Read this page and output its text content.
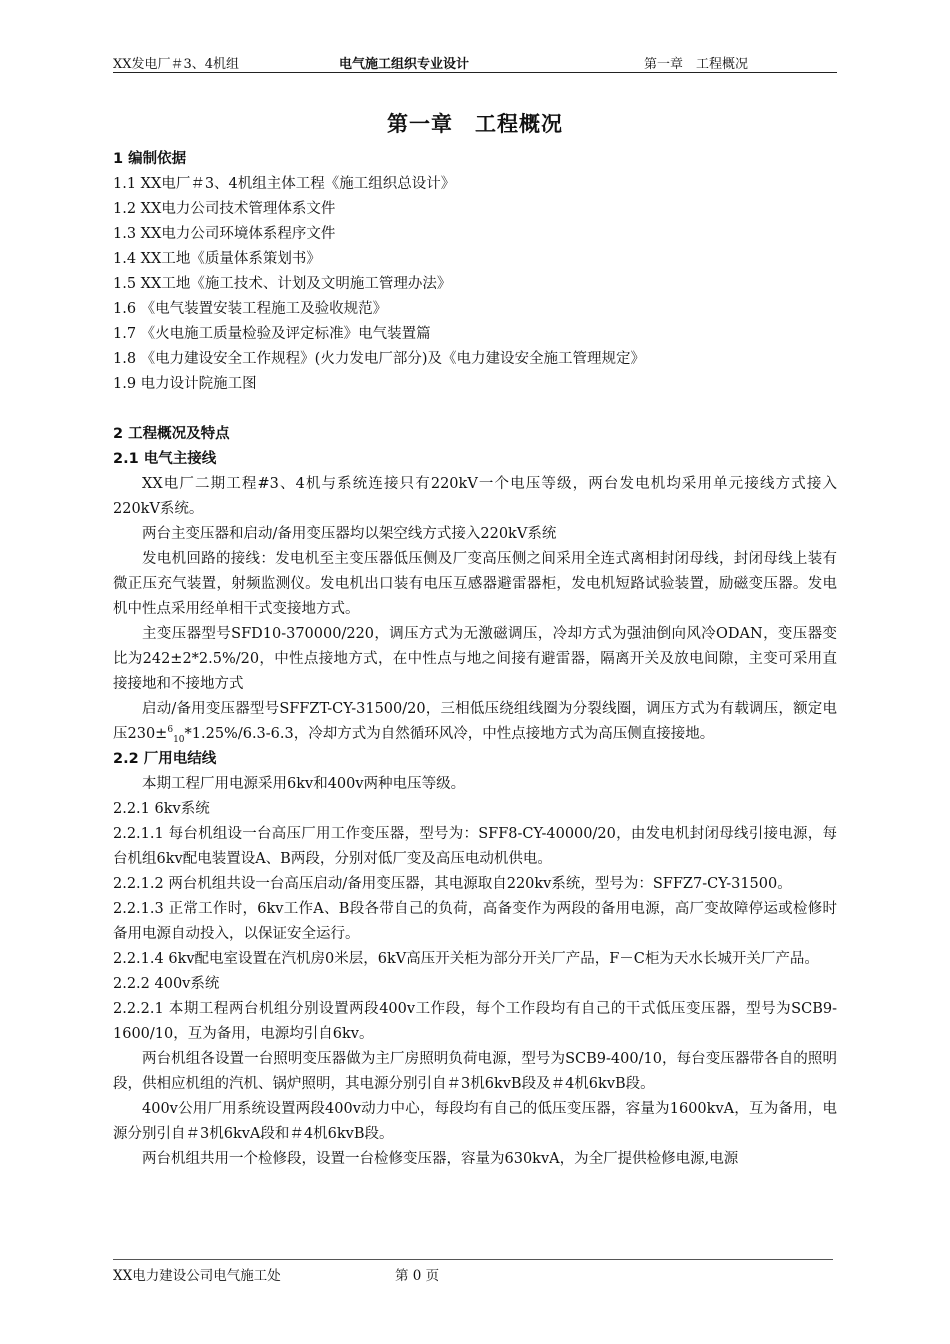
XX发电厂＃3、4机组	电气施工组织专业设计	第一章　工程概况
第一章　工程概况
1 编制依据
1.1 XX电厂＃3、4机组主体工程《施工组织总设计》
1.2 XX电力公司技术管理体系文件
1.3 XX电力公司环境体系程序文件
1.4 XX工地《质量体系策划书》
1.5 XX工地《施工技术、计划及文明施工管理办法》
1.6 《电气装置安装工程施工及验收规范》
1.7 《火电施工质量检验及评定标准》电气装置篇
1.8 《电力建设安全工作规程》(火力发电厂部分)及《电力建设安全施工管理规定》
1.9 电力设计院施工图
2 工程概况及特点
2.1 电气主接线
XX电厂二期工程#3、4机与系统连接只有220kV一个电压等级，两台发电机均采用单元接线方式接入220kV系统。
两台主变压器和启动/备用变压器均以架空线方式接入220kV系统
发电机回路的接线：发电机至主变压器低压侧及厂变高压侧之间采用全连式离相封闭母线，封闭母线上装有微正压充气装置，射频监测仪。发电机出口装有电压互感器避雷器柜，发电机短路试验装置，励磁变压器。发电机中性点采用经单相干式变接地方式。
主变压器型号SFD10-370000/220，调压方式为无激磁调压，冷却方式为强油倒向风冷ODAN，变压器变比为242±2*2.5%/20，中性点接地方式，在中性点与地之间接有避雷器，隔离开关及放电间隙，主变可采用直接接地和不接地方式
启动/备用变压器型号SFFZT-CY-31500/20，三相低压绕组线圈为分裂线圈，调压方式为有载调压，额定电压230±$^6_{10}$*1.25%/6.3-6.3，冷却方式为自然循环风冷，中性点接地方式为高压侧直接接地。
2.2 厂用电结线
本期工程厂用电源采用6kv和400v两种电压等级。
2.2.1 6kv系统
2.2.1.1 每台机组设一台高压厂用工作变压器，型号为：SFF8-CY-40000/20，由发电机封闭母线引接电源，每台机组6kv配电装置设A、B两段，分别对低厂变及高压电动机供电。
2.2.1.2 两台机组共设一台高压启动/备用变压器，其电源取自220kv系统，型号为：SFFZ7-CY-31500。
2.2.1.3 正常工作时，6kv工作A、B段各带自己的负荷，高备变作为两段的备用电源，高厂变故障停运或检修时备用电源自动投入，以保证安全运行。
2.2.1.4 6kv配电室设置在汽机房0米层，6kV高压开关柜为部分开关厂产品，F－C柜为天水长城开关厂产品。
2.2.2 400v系统
2.2.2.1 本期工程两台机组分别设置两段400v工作段，每个工作段均有自己的干式低压变压器，型号为SCB9-1600/10，互为备用，电源均引自6kv。
两台机组各设置一台照明变压器做为主厂房照明负荷电源，型号为SCB9-400/10，每台变压器带各自的照明段，供相应机组的汽机、锅炉照明，其电源分别引自＃3机6kvB段及＃4机6kvB段。
400v公用厂用系统设置两段400v动力中心，每段均有自己的低压变压器，容量为1600kvA，互为备用，电源分别引自＃3机6kvA段和＃4机6kvB段。
两台机组共用一个检修段，设置一台检修变压器，容量为630kvA，为全厂提供检修电源,电源
XX电力建设公司电气施工处	第 0 页
